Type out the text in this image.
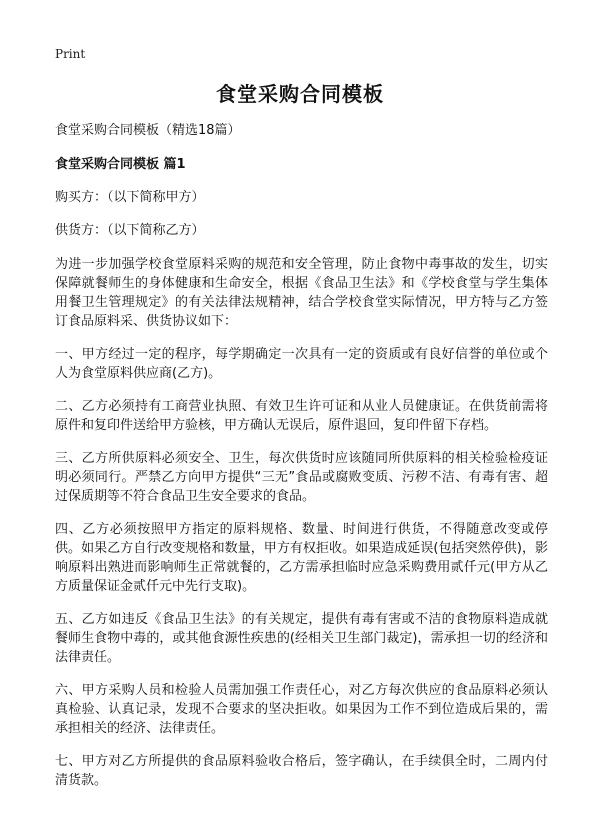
Print
食堂采购合同模板

食堂采购合同模板（精选18篇）

食堂采购合同模板 篇1

购买方：（以下简称甲方）

供货方：（以下简称乙方）

为进一步加强学校食堂原料采购的规范和安全管理，防止食物中毒事故的发生，切实保障就餐师生的身体健康和生命安全，根据《食品卫生法》和《学校食堂与学生集体用餐卫生管理规定》的有关法律法规精神，结合学校食堂实际情况，甲方特与乙方签订食品原料采、供货协议如下：

一、甲方经过一定的程序，每学期确定一次具有一定的资质或有良好信誉的单位或个人为食堂原料供应商(乙方)。

二、乙方必须持有工商营业执照、有效卫生许可证和从业人员健康证。在供货前需将原件和复印件送给甲方验核，甲方确认无误后，原件退回，复印件留下存档。

三、乙方所供原料必须安全、卫生，每次供货时应该随同所供原料的相关检验检疫证明必须同行。严禁乙方向甲方提供“三无”食品或腐败变质、污秽不洁、有毒有害、超过保质期等不符合食品卫生安全要求的食品。

四、乙方必须按照甲方指定的原料规格、数量、时间进行供货，不得随意改变或停供。如果乙方自行改变规格和数量，甲方有权拒收。如果造成延误(包括突然停供)，影响原料出熟进而影响师生正常就餐的，乙方需承担临时应急采购费用贰仟元(甲方从乙方质量保证金贰仟元中先行支取)。

五、乙方如违反《食品卫生法》的有关规定，提供有毒有害或不洁的食物原料造成就餐师生食物中毒的，或其他食源性疾患的(经相关卫生部门裁定)，需承担一切的经济和法律责任。

六、甲方采购人员和检验人员需加强工作责任心，对乙方每次供应的食品原料必须认真检验、认真记录，发现不合要求的坚决拒收。如果因为工作不到位造成后果的，需承担相关的经济、法律责任。

七、甲方对乙方所提供的食品原料验收合格后，签字确认，在手续俱全时，二周内付清货款。
